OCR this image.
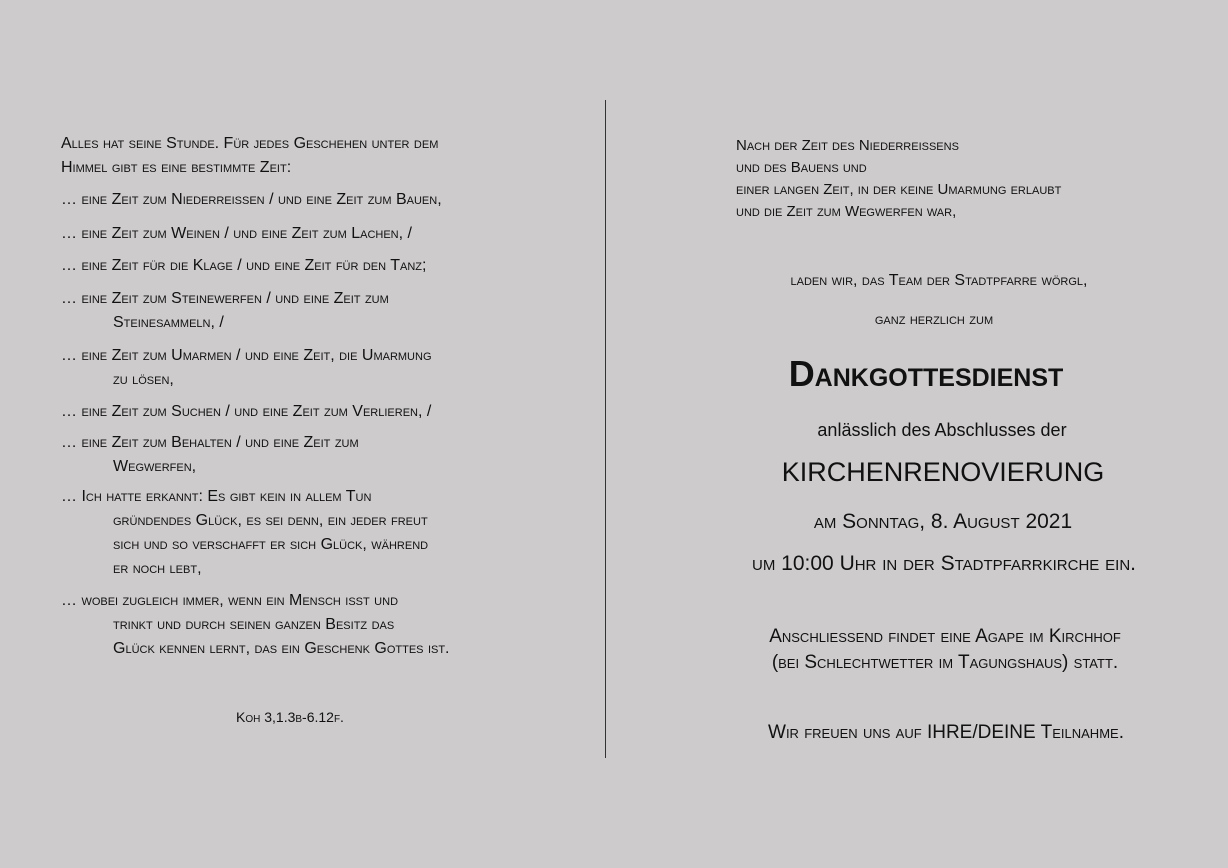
Alles hat seine Stunde. Für jedes Geschehen unter dem
Himmel gibt es eine bestimmte Zeit:
… eine Zeit zum Niederreißen / und eine Zeit zum Bauen,
… eine Zeit zum Weinen / und eine Zeit zum Lachen, /
… eine Zeit für die Klage / und eine Zeit für den Tanz;
… eine Zeit zum Steinewerfen / und eine Zeit zum
Steinesammeln, /
… eine Zeit zum Umarmen / und eine Zeit, die Umarmung
zu lösen,
… eine Zeit zum Suchen / und eine Zeit zum Verlieren, /
… eine Zeit zum Behalten / und eine Zeit zum
Wegwerfen,
… Ich hatte erkannt: Es gibt kein in allem Tun
gründendes Glück, es sei denn, ein jeder freut
sich und so verschafft er sich Glück, während
er noch lebt,
… wobei zugleich immer, wenn ein Mensch isst und
trinkt und durch seinen ganzen Besitz das
Glück kennen lernt, das ein Geschenk Gottes ist.
Koh 3,1.3b-6.12f.
Nach der Zeit des Niederreißens
und des Bauens und
einer langen Zeit, in der keine Umarmung erlaubt
und die Zeit zum Wegwerfen war,
laden wir, das Team der Stadtpfarre wörgl,
ganz herzlich zum
Dankgottesdienst
anlässlich des Abschlusses der
KIRCHENRENOVIERUNG
am Sonntag, 8. August 2021
um 10:00 Uhr in der Stadtpfarrkirche ein.
Anschließend findet eine Agape im Kirchhof
(bei Schlechtwetter im Tagungshaus) statt.
Wir freuen uns auf IHRE/DEINE Teilnahme.
